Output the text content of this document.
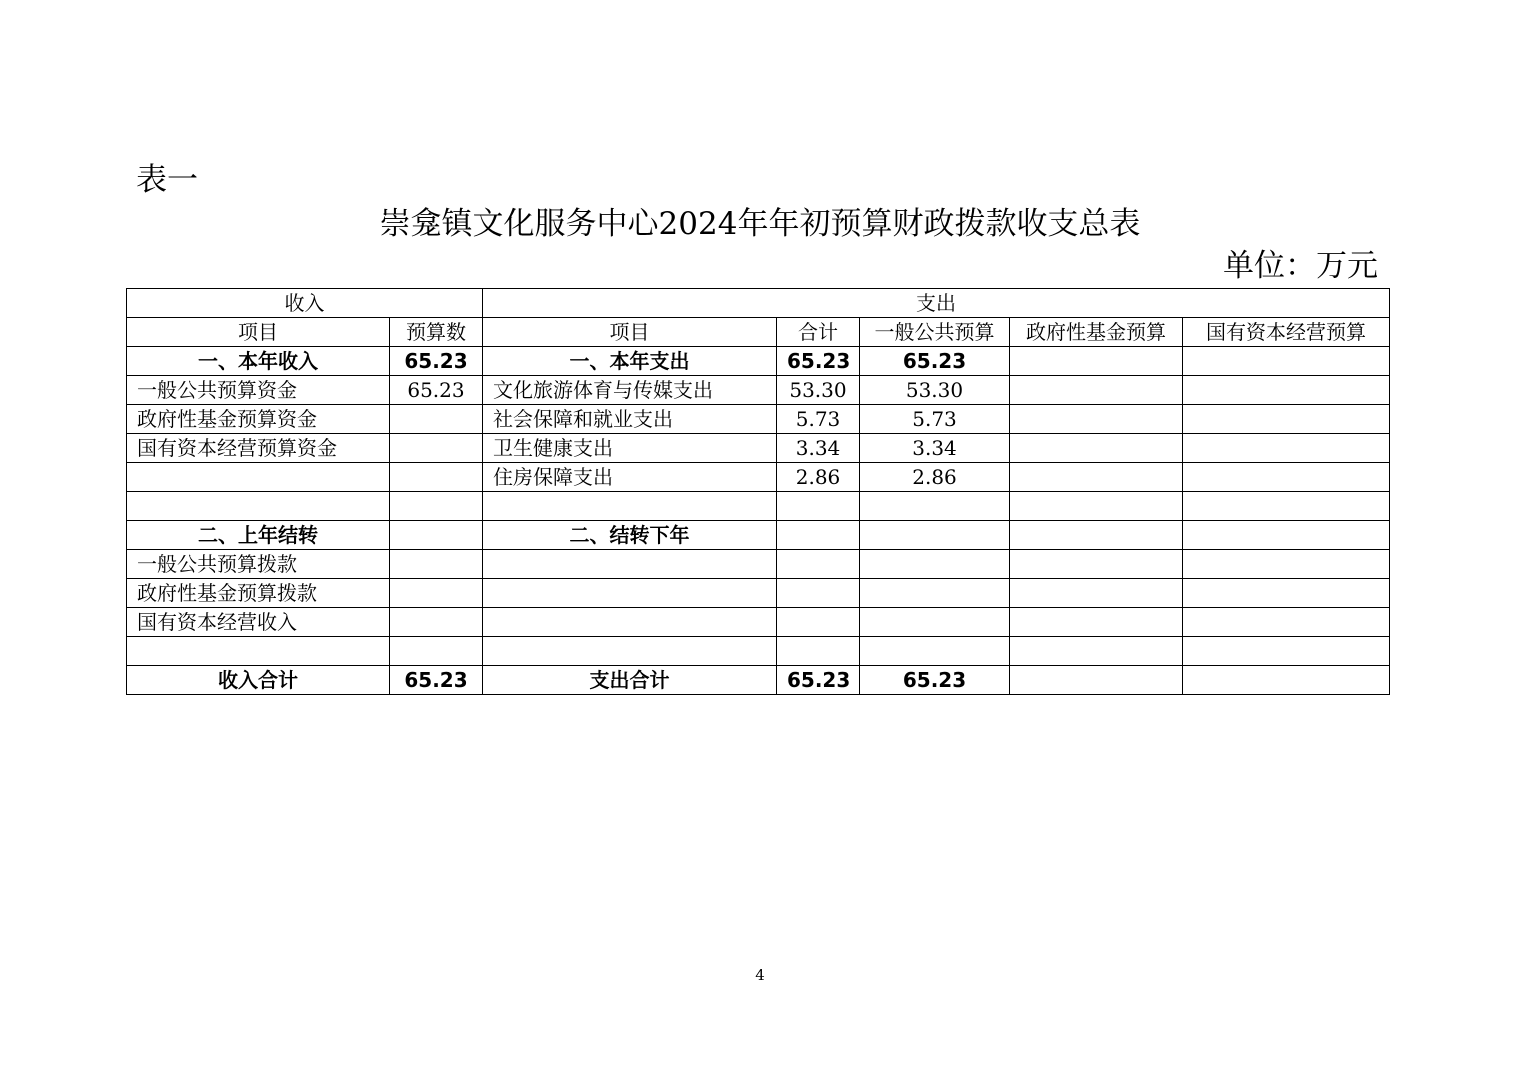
表一
崇龛镇文化服务中心2024年年初预算财政拨款收支总表
单位：万元
收入		支出				
项目	预算数	项目	合计	一般公共预算	政府性基金预算	国有资本经营预算
一、本年收入	65.23	一、本年支出	65.23	65.23		
一般公共预算资金	65.23	文化旅游体育与传媒支出	53.30	53.30		
政府性基金预算资金		社会保障和就业支出	5.73	5.73		
国有资本经营预算资金		卫生健康支出	3.34	3.34		
		住房保障支出	2.86	2.86		

二、上年结转		二、结转下年				
一般公共预算拨款						
政府性基金预算拨款						
国有资本经营收入						

收入合计	65.23	支出合计	65.23	65.23		
4
